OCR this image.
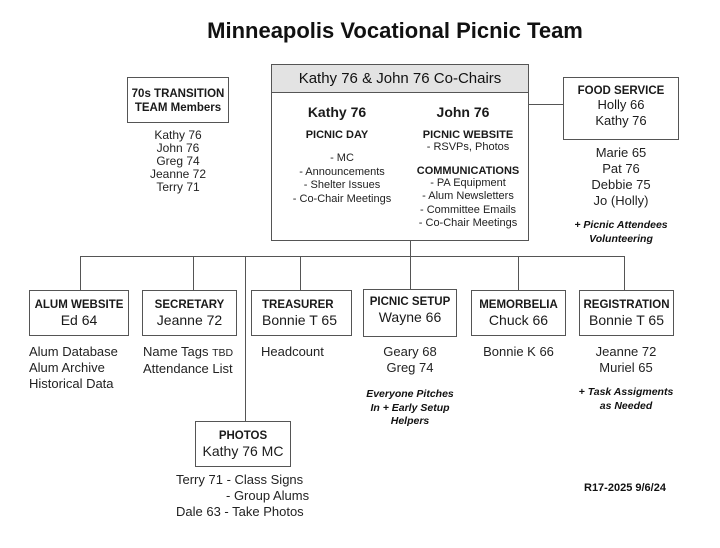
Minneapolis Vocational Picnic Team
70s TRANSITION
TEAM Members
Kathy 76
John 76
Greg 74
Jeanne 72
Terry 71
Kathy 76 & John 76 Co-Chairs
Kathy 76
PICNIC DAY
- MC
- Announcements
- Shelter Issues
- Co-Chair Meetings
John 76
PICNIC WEBSITE
- RSVPs, Photos
COMMUNICATIONS
- PA Equipment
- Alum Newsletters
- Committee Emails
- Co-Chair Meetings
FOOD SERVICE
Holly 66
Kathy 76
Marie 65
Pat 76
Debbie 75
Jo (Holly)
+ Picnic Attendees
Volunteering
ALUM WEBSITE
Ed 64
Alum Database
Alum Archive
Historical Data
SECRETARY
Jeanne 72
Name Tags TBD
Attendance List
TREASURER
Bonnie T 65
Headcount
PICNIC SETUP
Wayne 66
Geary 68
Greg 74
Everyone Pitches
In + Early Setup
Helpers
MEMORBELIA
Chuck 66
Bonnie K 66
REGISTRATION
Bonnie T 65
Jeanne 72
Muriel 65
+ Task Assigments
as Needed
PHOTOS
Kathy 76 MC
Terry 71 - Class Signs
- Group Alums
Dale 63 - Take Photos
R17-2025 9/6/24
